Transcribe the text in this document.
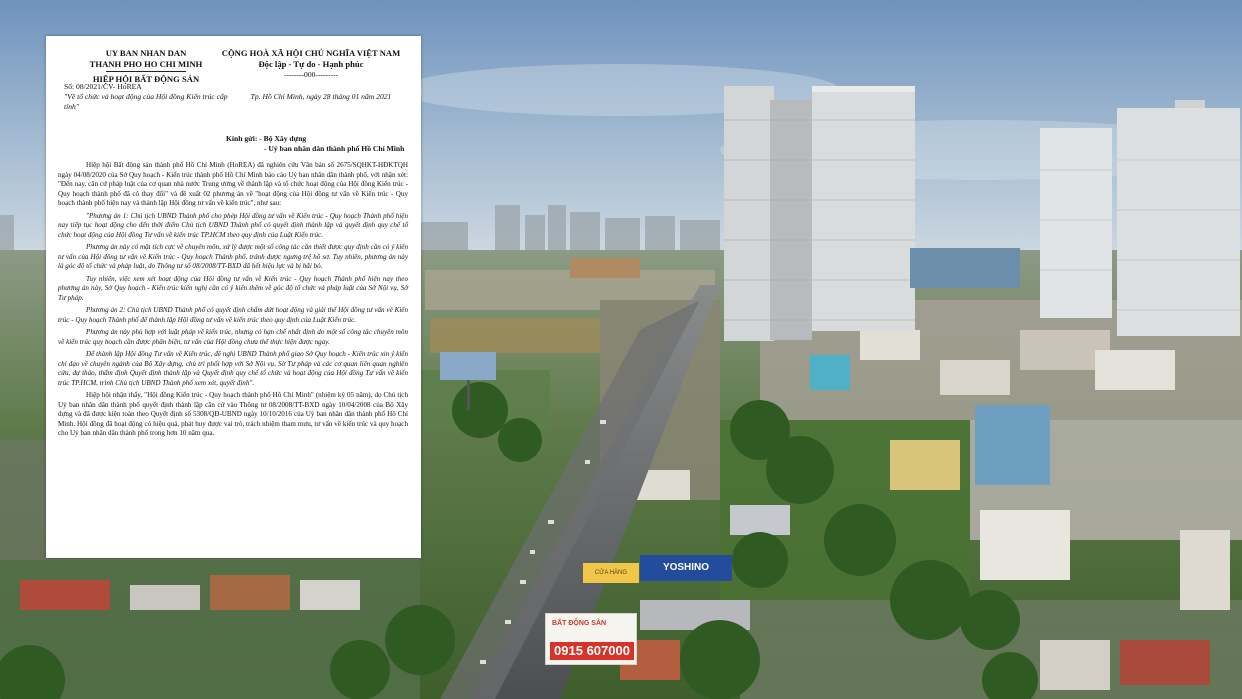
CỬA HÀNG	YOSHINO
BẤT ĐỘNG SẢN
0915 607000
UY BAN NHAN DAN
THANH PHO HO CHI MINH
HIỆP HỘI BẤT ĐỘNG SẢN
Số: 08/2021/CV- HoREA
"Về tổ chức và hoạt động của Hội đồng Kiến trúc cấp tỉnh"
CỘNG HOÀ XÃ HỘI CHỦ NGHĨA VIỆT NAM
Độc lập - Tự do - Hạnh phúc
--------000---------
Tp. Hồ Chí Minh, ngày 28 tháng 01 năm 2021
Kính gửi: - Bộ Xây dựng
- Uỷ ban nhân dân thành phố Hồ Chí Minh

Hiệp hội Bất động sản thành phố Hồ Chí Minh (HoREA) đã nghiên cứu Văn bản số 2675/SQHKT-HĐKTQH ngày 04/08/2020 của Sở Quy hoạch - Kiến trúc thành phố Hồ Chí Minh báo cáo Uỷ ban nhân dân thành phố, với nhận xét: "Đến nay, căn cứ pháp luật của cơ quan nhà nước Trung ương về thành lập và tổ chức hoạt động của Hội đồng Kiến trúc - Quy hoạch thành phố đã có thay đổi" và đề xuất 02 phương án về "hoạt động của Hội đồng tư vấn về Kiến trúc - Quy hoạch thành phố hiện nay và thành lập Hội đồng tư vấn về kiến trúc", như sau:

"Phương án 1: Chủ tịch UBND Thành phố cho phép Hội đồng tư vấn về Kiến trúc - Quy hoạch Thành phố hiện nay tiếp tục hoạt động cho đến thời điểm Chủ tịch UBND Thành phố có quyết định thành lập và quyết định quy chế tổ chức hoạt động của Hội đồng Tư vấn về kiến trúc TP.HCM theo quy định của Luật Kiến trúc.

Phương án này có mặt tích cực về chuyên môn, xử lý được một số công tác cần thiết được quy định cần có ý kiến tư vấn của Hội đồng tư vấn về Kiến trúc - Quy hoạch Thành phố, tránh được ngưng trệ hồ sơ. Tuy nhiên, phương án này là góc độ tổ chức và pháp luật, do Thông tư số 08/2008/TT-BXD đã hết hiệu lực và bị bãi bỏ.

Tuy nhiên, việc xem xét hoạt động của Hội đồng tư vấn về Kiến trúc - Quy hoạch Thành phố hiện nay theo phương án này, Sở Quy hoạch - Kiến trúc kiến nghị cần có ý kiến thêm về góc độ tổ chức và pháp luật của Sở Nội vụ, Sở Tư pháp.

Phương án 2: Chủ tịch UBND Thành phố có quyết định chấm dứt hoạt động và giải thể Hội đồng tư vấn về Kiến trúc - Quy hoạch Thành phố để thành lập Hội đồng tư vấn về kiến trúc theo quy định của Luật Kiến trúc.

Phương án này phù hợp với luật pháp về kiến trúc, nhưng có hạn chế nhất định do một số công tác chuyên môn về kiến trúc quy hoạch cần được phân biện, tư vấn của Hội đồng chưa thể thực hiện được ngay.

Để thành lập Hội đồng Tư vấn về Kiến trúc, đề nghị UBND Thành phố giao Sở Quy hoạch - Kiến trúc xin ý kiến chỉ đạo về chuyên ngành của Bộ Xây dựng, chủ trì phối hợp với Sở Nội vụ, Sở Tư pháp và các cơ quan liên quan nghiên cứu, dự thảo, thẩm định Quyết định thành lập và Quyết định quy chế tổ chức và hoạt động của Hội đồng Tư vấn về kiến trúc TP.HCM, trình Chủ tịch UBND Thành phố xem xét, quyết định".

Hiệp hội nhận thấy, "Hội đồng Kiến trúc - Quy hoạch thành phố Hồ Chí Minh" (nhiệm kỳ 05 năm), do Chủ tịch Uỷ ban nhân dân thành phố quyết định thành lập căn cứ vào Thông tư 08/2008/TT-BXD ngày 10/04/2008 của Bộ Xây dựng và đã được kiện toàn theo Quyết định số 5308/QĐ-UBND ngày 10/10/2016 của Uỷ ban nhân dân thành phố Hồ Chí Minh. Hội đồng đã hoạt động có hiệu quả, phát huy được vai trò, trách nhiệm tham mưu, tư vấn về kiến trúc và quy hoạch cho Uỷ ban nhân dân thành phố trong hơn 10 năm qua.
